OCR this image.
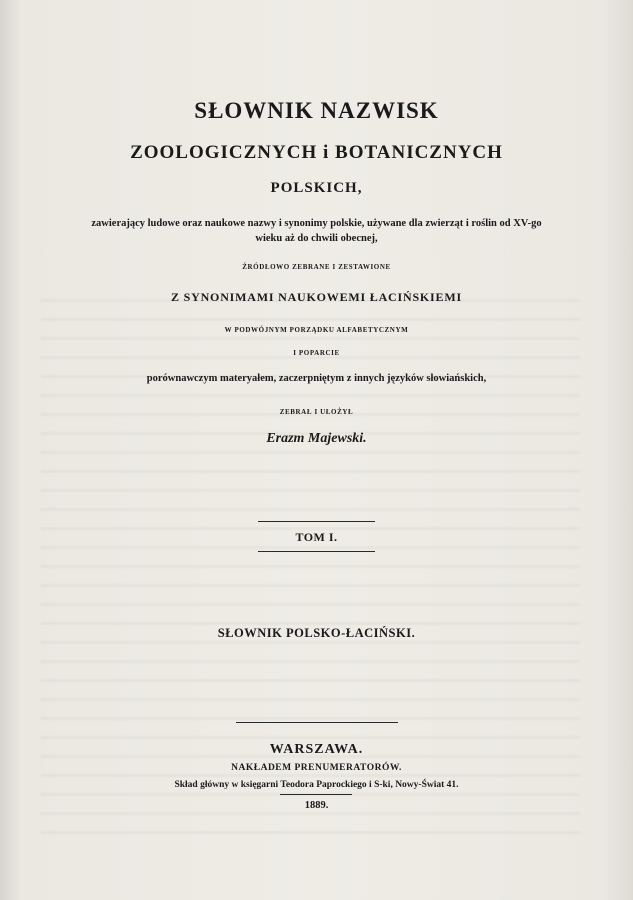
SŁOWNIK NAZWISK
ZOOLOGICZNYCH i BOTANICZNYCH
POLSKICH,
zawierający ludowe oraz naukowe nazwy i synonimy polskie, używane dla zwierząt i roślin od XV-go
wieku aż do chwili obecnej,
ŹRÓDŁOWO ZEBRANE I ZESTAWIONE
Z SYNONIMAMI NAUKOWEMI ŁACIŃSKIEMI
W PODWÓJNYM PORZĄDKU ALFABETYCZNYM
I POPARCIE
porównawczym materyałem, zaczerpniętym z innych języków słowiańskich,
ZEBRAŁ I UŁOŻYŁ
Erazm Majewski.
TOM I.
SŁOWNIK POLSKO-ŁACIŃSKI.
WARSZAWA.
NAKŁADEM PRENUMERATORÓW.
Skład główny w księgarni Teodora Paprockiego i S-ki, Nowy-Świat 41.
1889.
